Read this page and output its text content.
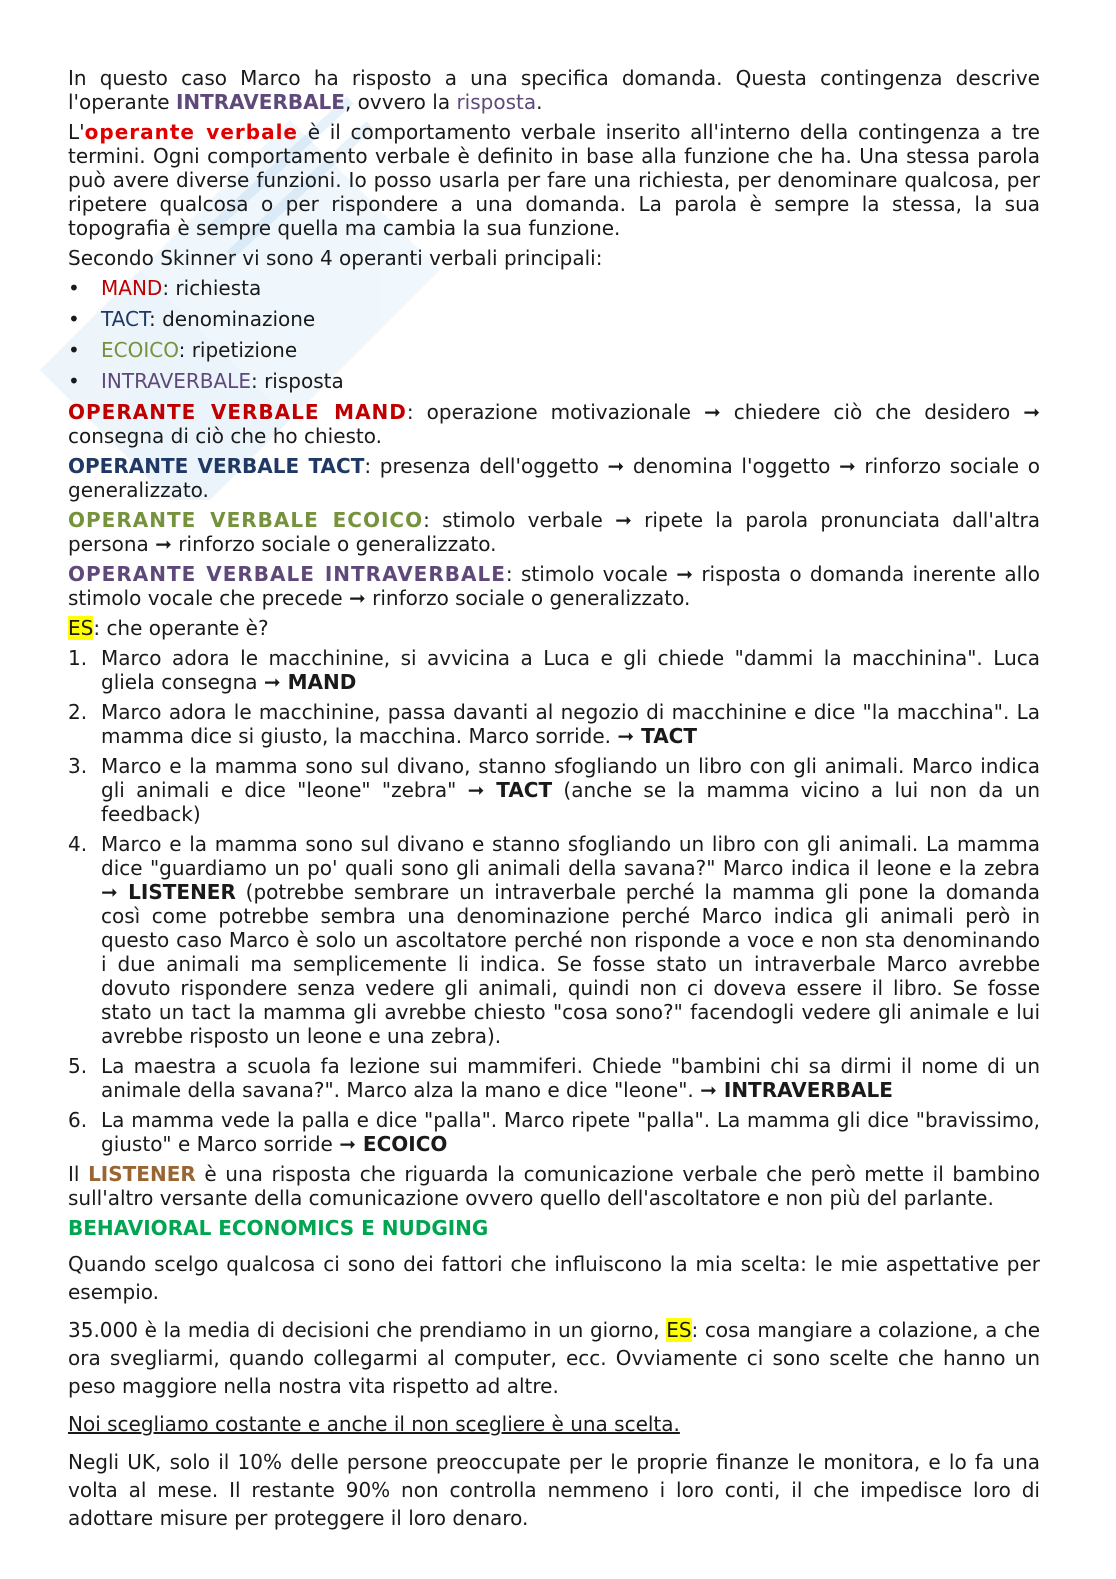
In questo caso Marco ha risposto a una specifica domanda. Questa contingenza descrive l'operante INTRAVERBALE, ovvero la risposta.

L'operante verbale è il comportamento verbale inserito all'interno della contingenza a tre termini. Ogni comportamento verbale è definito in base alla funzione che ha. Una stessa parola può avere diverse funzioni. Io posso usarla per fare una richiesta, per denominare qualcosa, per ripetere qualcosa o per rispondere a una domanda. La parola è sempre la stessa, la sua topografia è sempre quella ma cambia la sua funzione.

Secondo Skinner vi sono 4 operanti verbali principali:

• MAND: richiesta
• TACT: denominazione
• ECOICO: ripetizione
• INTRAVERBALE: risposta

OPERANTE VERBALE MAND: operazione motivazionale ➞ chiedere ciò che desidero ➞ consegna di ciò che ho chiesto.

OPERANTE VERBALE TACT: presenza dell'oggetto ➞ denomina l'oggetto ➞ rinforzo sociale o generalizzato.

OPERANTE VERBALE ECOICO: stimolo verbale ➞ ripete la parola pronunciata dall'altra persona ➞ rinforzo sociale o generalizzato.

OPERANTE VERBALE INTRAVERBALE: stimolo vocale ➞ risposta o domanda inerente allo stimolo vocale che precede ➞ rinforzo sociale o generalizzato.

ES: che operante è?

1. Marco adora le macchinine, si avvicina a Luca e gli chiede "dammi la macchinina". Luca gliela consegna ➞ MAND
2. Marco adora le macchinine, passa davanti al negozio di macchinine e dice "la macchina". La mamma dice si giusto, la macchina. Marco sorride. ➞ TACT
3. Marco e la mamma sono sul divano, stanno sfogliando un libro con gli animali. Marco indica gli animali e dice "leone" "zebra" ➞ TACT (anche se la mamma vicino a lui non da un feedback)
4. Marco e la mamma sono sul divano e stanno sfogliando un libro con gli animali. La mamma dice "guardiamo un po' quali sono gli animali della savana?" Marco indica il leone e la zebra ➞ LISTENER (potrebbe sembrare un intraverbale perché la mamma gli pone la domanda così come potrebbe sembra una denominazione perché Marco indica gli animali però in questo caso Marco è solo un ascoltatore perché non risponde a voce e non sta denominando i due animali ma semplicemente li indica. Se fosse stato un intraverbale Marco avrebbe dovuto rispondere senza vedere gli animali, quindi non ci doveva essere il libro. Se fosse stato un tact la mamma gli avrebbe chiesto "cosa sono?" facendogli vedere gli animale e lui avrebbe risposto un leone e una zebra).
5. La maestra a scuola fa lezione sui mammiferi. Chiede "bambini chi sa dirmi il nome di un animale della savana?". Marco alza la mano e dice "leone". ➞ INTRAVERBALE
6. La mamma vede la palla e dice "palla". Marco ripete "palla". La mamma gli dice "bravissimo, giusto" e Marco sorride ➞ ECOICO

Il LISTENER è una risposta che riguarda la comunicazione verbale che però mette il bambino sull'altro versante della comunicazione ovvero quello dell'ascoltatore e non più del parlante.

BEHAVIORAL ECONOMICS E NUDGING

Quando scelgo qualcosa ci sono dei fattori che influiscono la mia scelta: le mie aspettative per esempio.

35.000 è la media di decisioni che prendiamo in un giorno, ES: cosa mangiare a colazione, a che ora svegliarmi, quando collegarmi al computer, ecc. Ovviamente ci sono scelte che hanno un peso maggiore nella nostra vita rispetto ad altre.

Noi scegliamo costante e anche il non scegliere è una scelta.

Negli UK, solo il 10% delle persone preoccupate per le proprie finanze le monitora, e lo fa una volta al mese. Il restante 90% non controlla nemmeno i loro conti, il che impedisce loro di adottare misure per proteggere il loro denaro.
